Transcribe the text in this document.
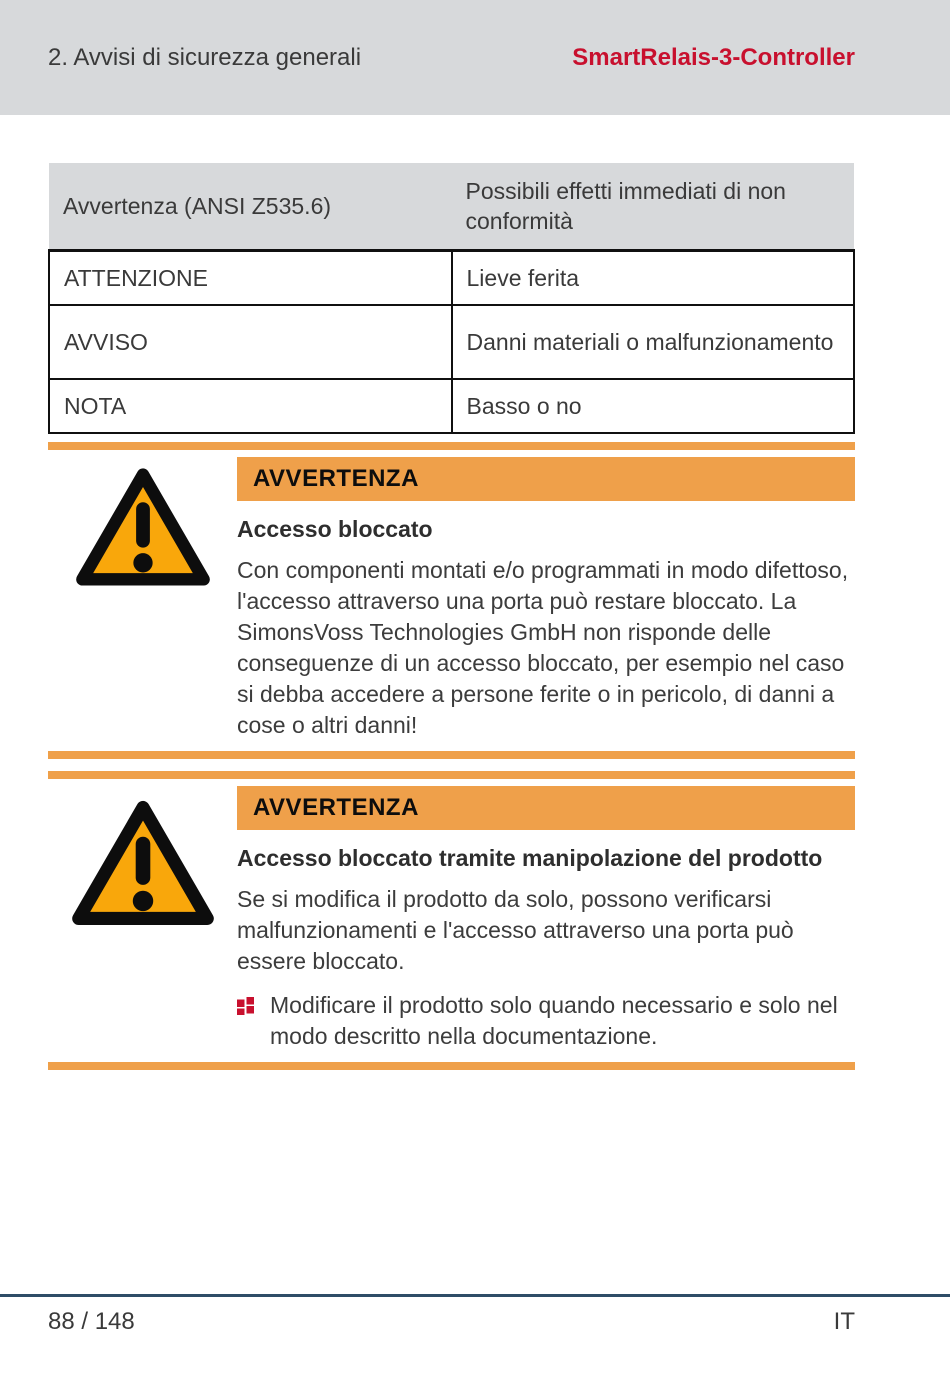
2. Avvisi di sicurezza generali	SmartRelais-3-Controller
Avvertenza (ANSI Z535.6)	Possibili effetti immediati di non conformità
ATTENZIONE	Lieve ferita
AVVISO	Danni materiali o malfunzionamento
NOTA	Basso o no
AVVERTENZA
Accesso bloccato
Con componenti montati e/o programmati in modo difettoso, l'accesso attraverso una porta può restare bloccato. La SimonsVoss Technologies GmbH non risponde delle conseguenze di un accesso bloccato, per esempio nel caso si debba accedere a persone ferite o in pericolo, di danni a cose o altri danni!
AVVERTENZA
Accesso bloccato tramite manipolazione del prodotto
Se si modifica il prodotto da solo, possono verificarsi malfunzionamenti e l'accesso attraverso una porta può essere bloccato.
Modificare il prodotto solo quando necessario e solo nel modo descritto nella documentazione.
88 / 148	IT
